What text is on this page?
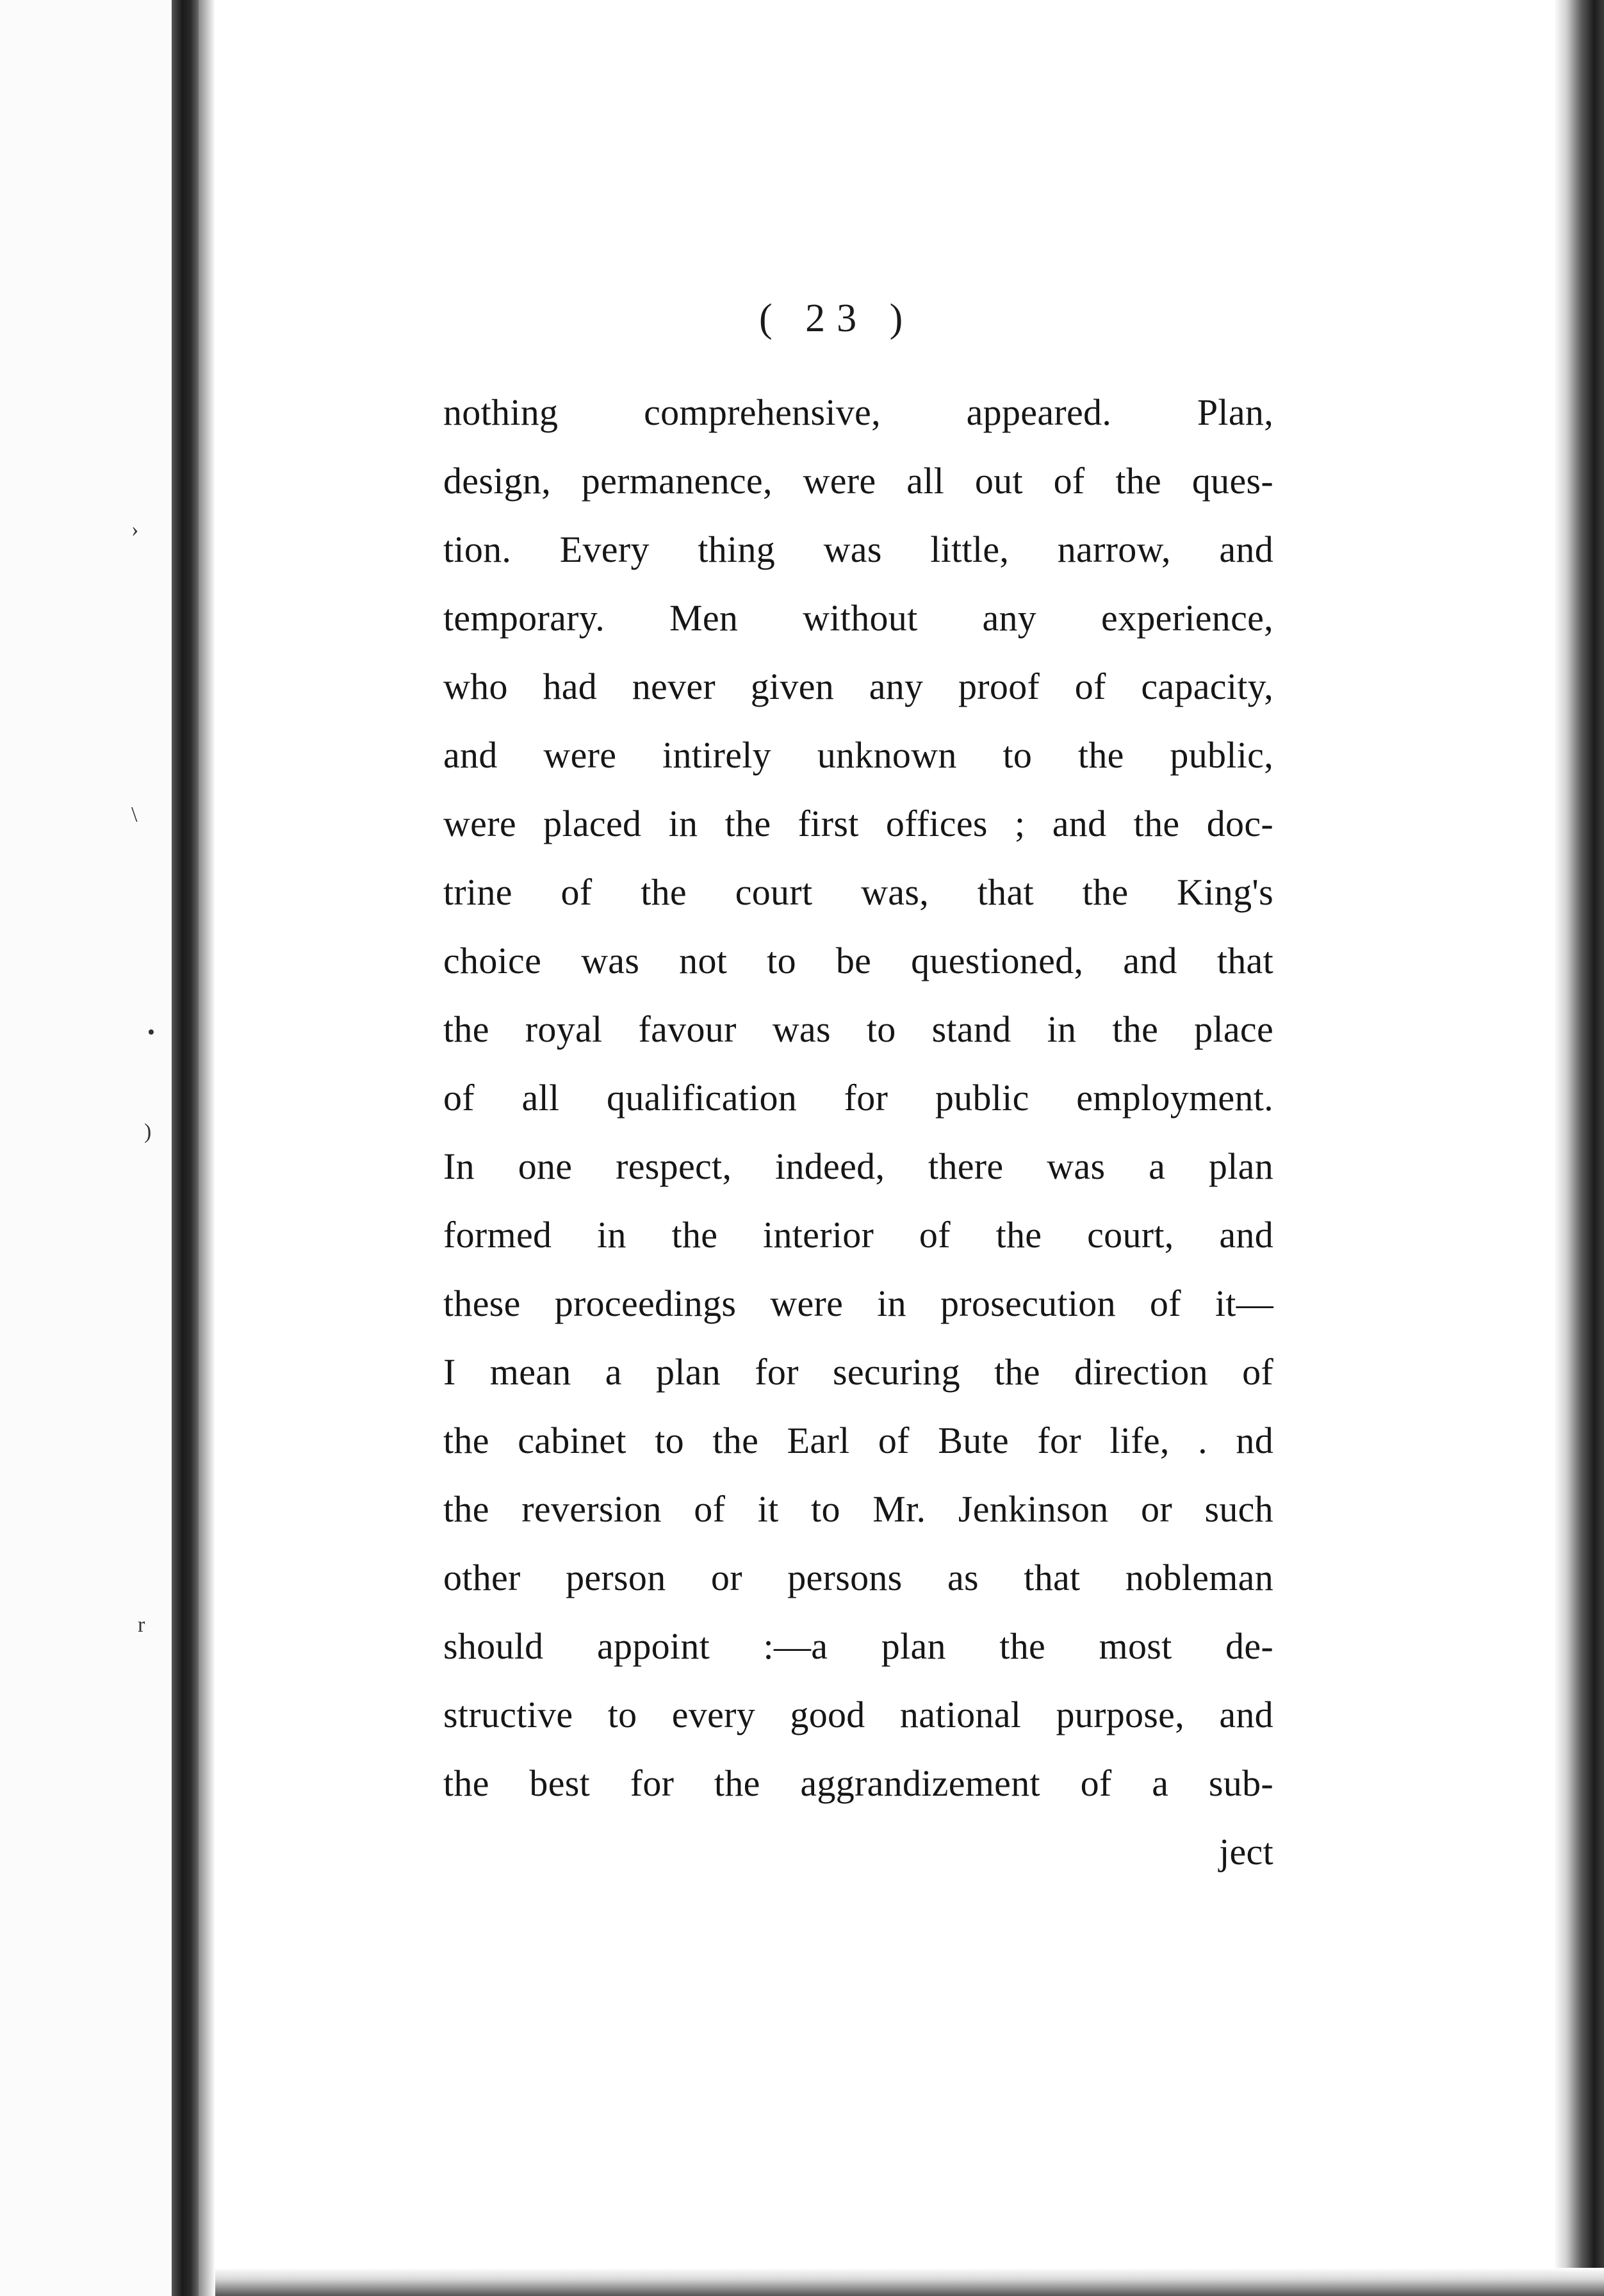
›
\
•
)
r

( 23 )
nothing comprehensive, appeared. Plan,
design, permanence, were all out of the ques-
tion. Every thing was little, narrow, and
temporary. Men without any experience,
who had never given any proof of capacity,
and were intirely unknown to the public,
were placed in the first offices ; and the doc-
trine of the court was, that the King's
choice was not to be questioned, and that
the royal favour was to stand in the place
of all qualification for public employment.
In one respect, indeed, there was a plan
formed in the interior of the court, and
these proceedings were in prosecution of it—
I mean a plan for securing the direction of
the cabinet to the Earl of Bute for life, . nd
the reversion of it to Mr. Jenkinson or such
other person or persons as that nobleman
should appoint :—a plan the most de-
structive to every good national purpose, and
the best for the aggrandizement of a sub-
ject
